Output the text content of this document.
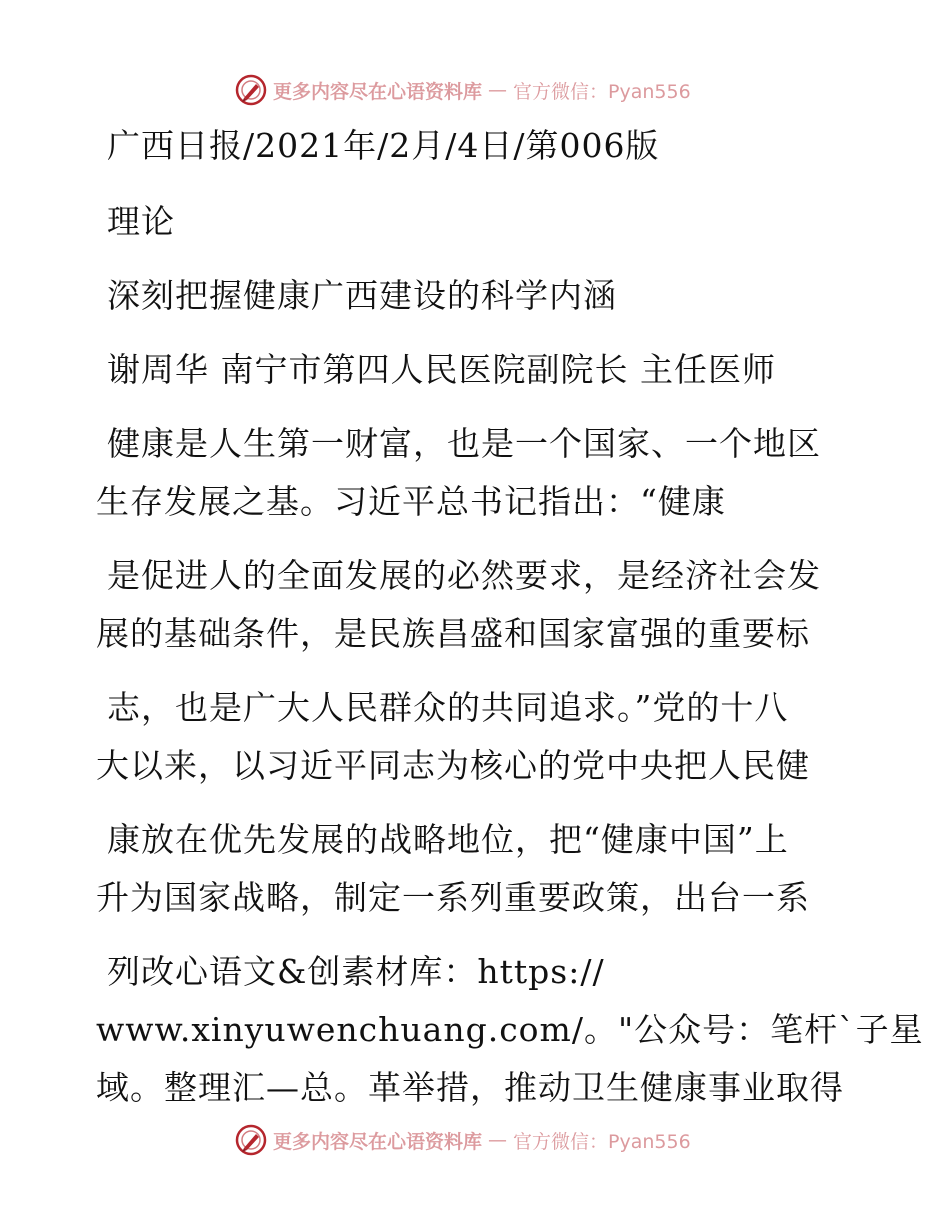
更多内容尽在心语资料库 — 官方微信：Pyan556
广西日报/2021年/2月/4日/第006版
理论
深刻把握健康广西建设的科学内涵
谢周华 南宁市第四人民医院副院长 主任医师
健康是人生第一财富，也是一个国家、一个地区
生存发展之基。习近平总书记指出：“健康
是促进人的全面发展的必然要求，是经济社会发
展的基础条件，是民族昌盛和国家富强的重要标
志，也是广大人民群众的共同追求。”党的十八
大以来，以习近平同志为核心的党中央把人民健
康放在优先发展的战略地位，把“健康中国”上
升为国家战略，制定一系列重要政策，出台一系
列改心语文&创素材库：https://
www.xinyuwenchuang.com/。"公众号：笔杆`子星
域。整理汇—总。革举措，推动卫生健康事业取得
更多内容尽在心语资料库 — 官方微信：Pyan556
